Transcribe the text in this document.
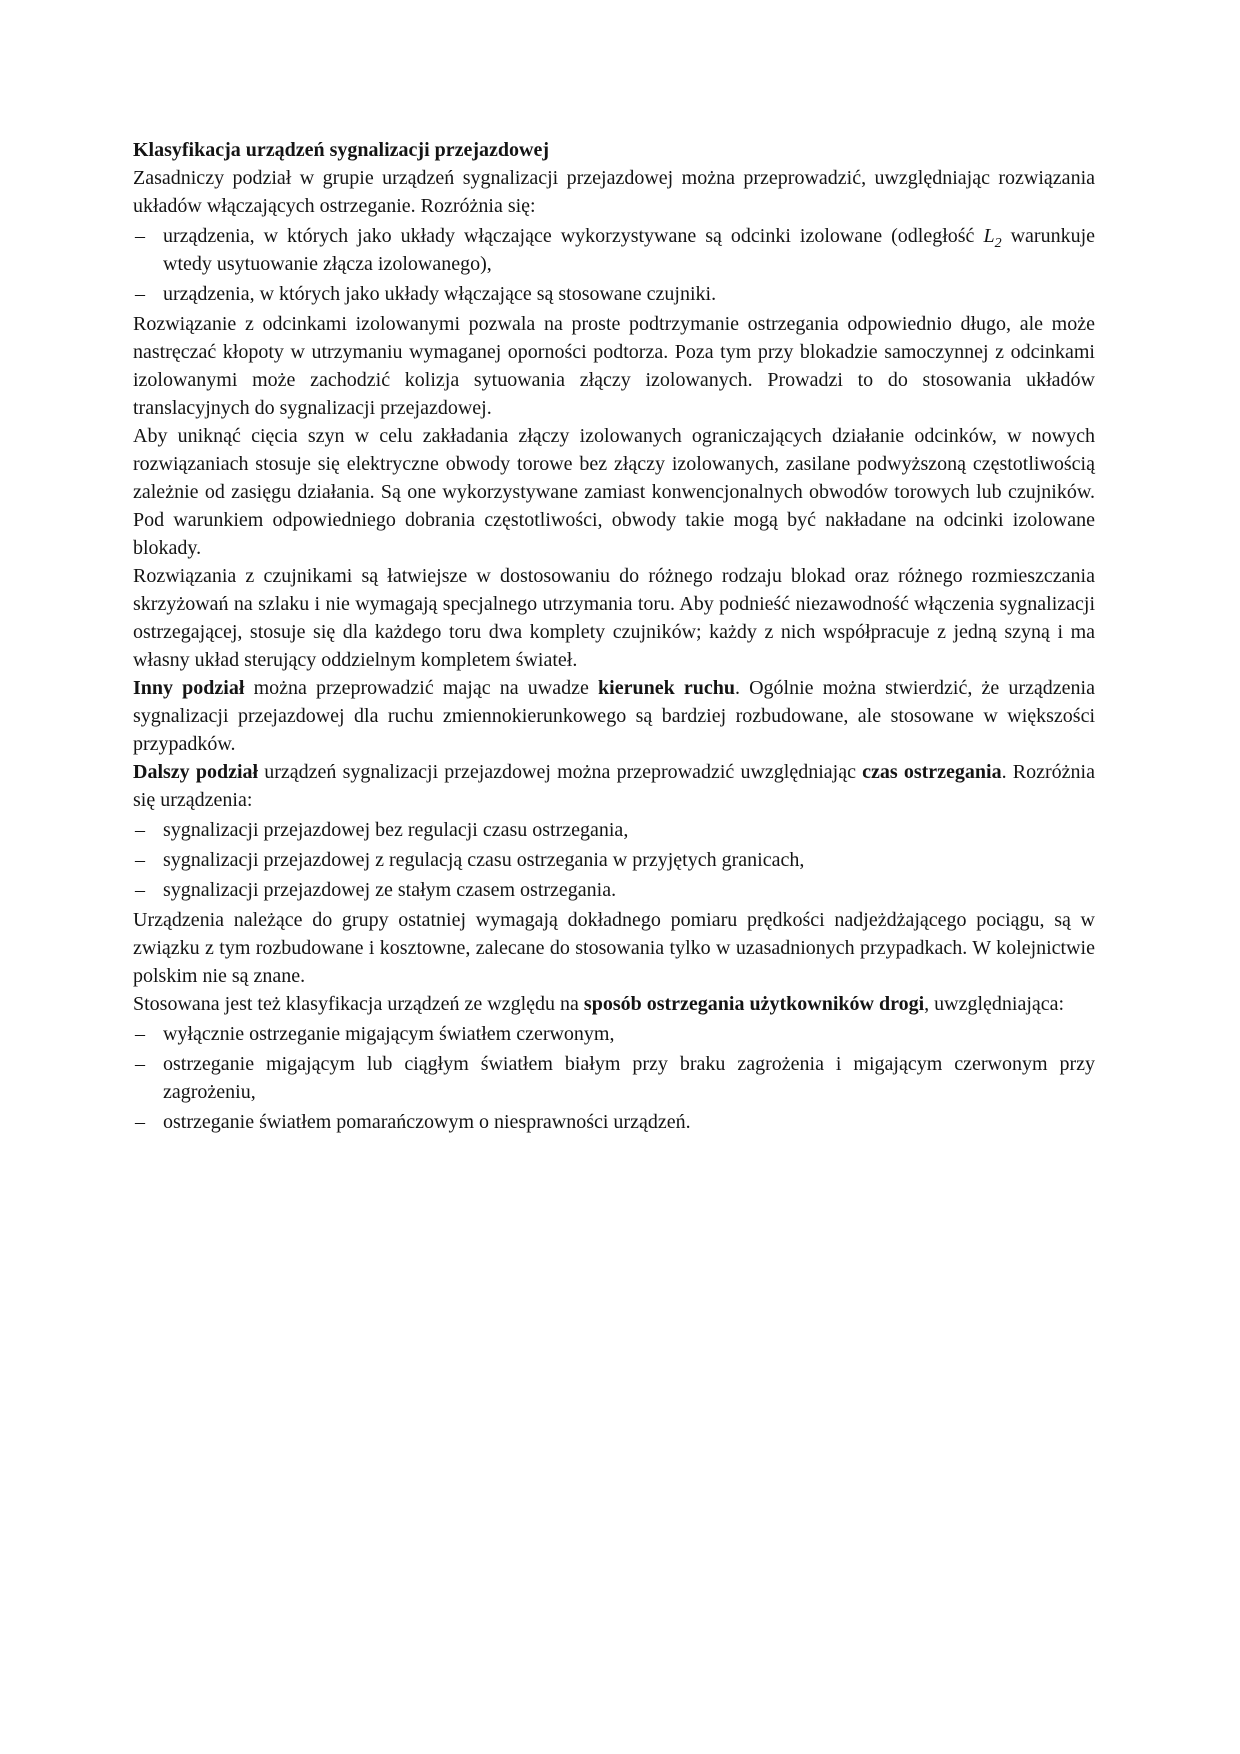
Klasyfikacja urządzeń sygnalizacji przejazdowej

Zasadniczy podział w grupie urządzeń sygnalizacji przejazdowej można przeprowadzić, uwzględniając rozwiązania układów włączających ostrzeganie. Rozróżnia się:

– urządzenia, w których jako układy włączające wykorzystywane są odcinki izolowane (odległość $L_2$ warunkuje wtedy usytuowanie złącza izolowanego),
– urządzenia, w których jako układy włączające są stosowane czujniki.

Rozwiązanie z odcinkami izolowanymi pozwala na proste podtrzymanie ostrzegania odpowiednio długo, ale może nastręczać kłopoty w utrzymaniu wymaganej oporności podtorza. Poza tym przy blokadzie samoczynnej z odcinkami izolowanymi może zachodzić kolizja sytuowania złączy izolowanych. Prowadzi to do stosowania układów translacyjnych do sygnalizacji przejazdowej.

Aby uniknąć cięcia szyn w celu zakładania złączy izolowanych ograniczających działanie odcinków, w nowych rozwiązaniach stosuje się elektryczne obwody torowe bez złączy izolowanych, zasilane podwyższoną częstotliwością zależnie od zasięgu działania. Są one wykorzystywane zamiast konwencjonalnych obwodów torowych lub czujników. Pod warunkiem odpowiedniego dobrania częstotliwości, obwody takie mogą być nakładane na odcinki izolowane blokady.

Rozwiązania z czujnikami są łatwiejsze w dostosowaniu do różnego rodzaju blokad oraz różnego rozmieszczania skrzyżowań na szlaku i nie wymagają specjalnego utrzymania toru. Aby podnieść niezawodność włączenia sygnalizacji ostrzegającej, stosuje się dla każdego toru dwa komplety czujników; każdy z nich współpracuje z jedną szyną i ma własny układ sterujący oddzielnym kompletem świateł.

Inny podział można przeprowadzić mając na uwadze kierunek ruchu. Ogólnie można stwierdzić, że urządzenia sygnalizacji przejazdowej dla ruchu zmiennokierunkowego są bardziej rozbudowane, ale stosowane w większości przypadków.

Dalszy podział urządzeń sygnalizacji przejazdowej można przeprowadzić uwzględniając czas ostrzegania. Rozróżnia się urządzenia:

– sygnalizacji przejazdowej bez regulacji czasu ostrzegania,
– sygnalizacji przejazdowej z regulacją czasu ostrzegania w przyjętych granicach,
– sygnalizacji przejazdowej ze stałym czasem ostrzegania.

Urządzenia należące do grupy ostatniej wymagają dokładnego pomiaru prędkości nadjeżdżającego pociągu, są w związku z tym rozbudowane i kosztowne, zalecane do stosowania tylko w uzasadnionych przypadkach. W kolejnictwie polskim nie są znane.

Stosowana jest też klasyfikacja urządzeń ze względu na sposób ostrzegania użytkowników drogi, uwzględniająca:

– wyłącznie ostrzeganie migającym światłem czerwonym,
– ostrzeganie migającym lub ciągłym światłem białym przy braku zagrożenia i migającym czerwonym przy zagrożeniu,
– ostrzeganie światłem pomarańczowym o niesprawności urządzeń.
